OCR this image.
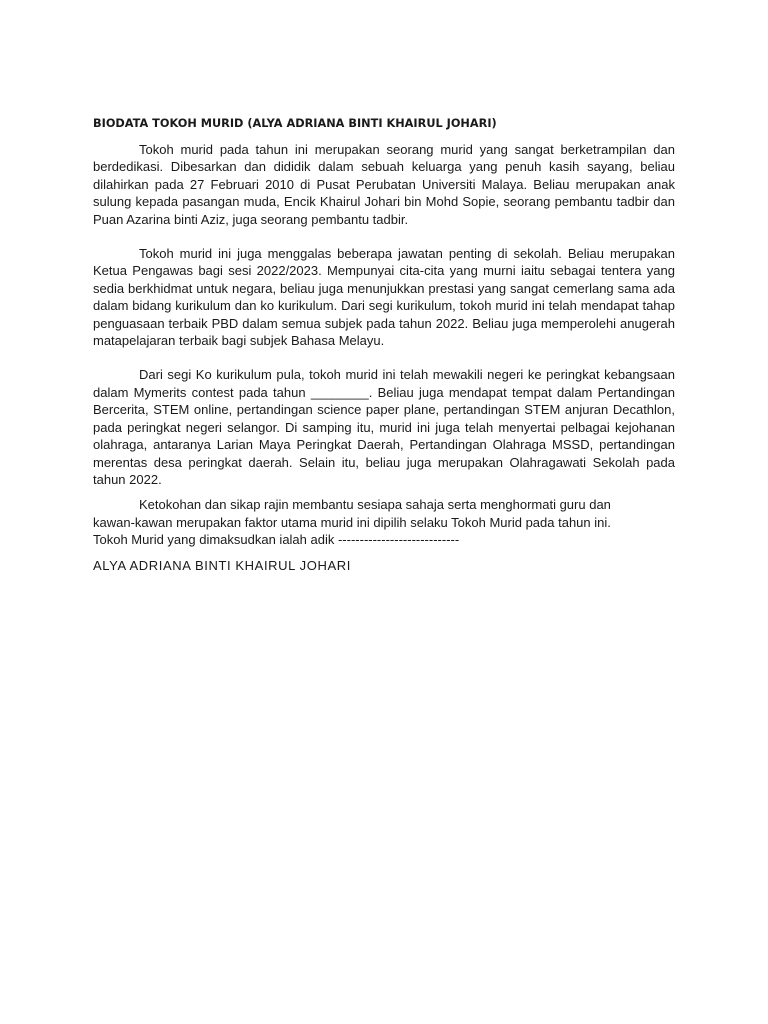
BIODATA TOKOH MURID (ALYA ADRIANA BINTI KHAIRUL JOHARI)

Tokoh murid pada tahun ini merupakan seorang murid yang sangat berketrampilan dan berdedikasi. Dibesarkan dan dididik dalam sebuah keluarga yang penuh kasih sayang, beliau dilahirkan pada 27 Februari 2010 di Pusat Perubatan Universiti Malaya. Beliau merupakan anak sulung kepada pasangan muda, Encik Khairul Johari bin Mohd Sopie, seorang pembantu tadbir dan Puan Azarina binti Aziz, juga seorang pembantu tadbir.

Tokoh murid ini juga menggalas beberapa jawatan penting di sekolah. Beliau merupakan Ketua Pengawas bagi sesi 2022/2023. Mempunyai cita-cita yang murni iaitu sebagai tentera yang sedia berkhidmat untuk negara, beliau juga menunjukkan prestasi yang sangat cemerlang sama ada dalam bidang kurikulum dan ko kurikulum. Dari segi kurikulum, tokoh murid ini telah mendapat tahap penguasaan terbaik PBD dalam semua subjek pada tahun 2022. Beliau juga memperolehi anugerah matapelajaran terbaik bagi subjek Bahasa Melayu.

Dari segi Ko kurikulum pula, tokoh murid ini telah mewakili negeri ke peringkat kebangsaan dalam Mymerits contest pada tahun ________. Beliau juga mendapat tempat dalam Pertandingan Bercerita, STEM online, pertandingan science paper plane, pertandingan STEM anjuran Decathlon, pada peringkat negeri selangor. Di samping itu, murid ini juga telah menyertai pelbagai kejohanan olahraga, antaranya Larian Maya Peringkat Daerah, Pertandingan Olahraga MSSD, pertandingan merentas desa peringkat daerah. Selain itu, beliau juga merupakan Olahragawati Sekolah pada tahun 2022.

Ketokohan dan sikap rajin membantu sesiapa sahaja serta menghormati guru dan
kawan-kawan merupakan faktor utama murid ini dipilih selaku Tokoh Murid pada tahun ini.
Tokoh Murid yang dimaksudkan ialah adik ----------------------------

ALYA ADRIANA BINTI KHAIRUL JOHARI
